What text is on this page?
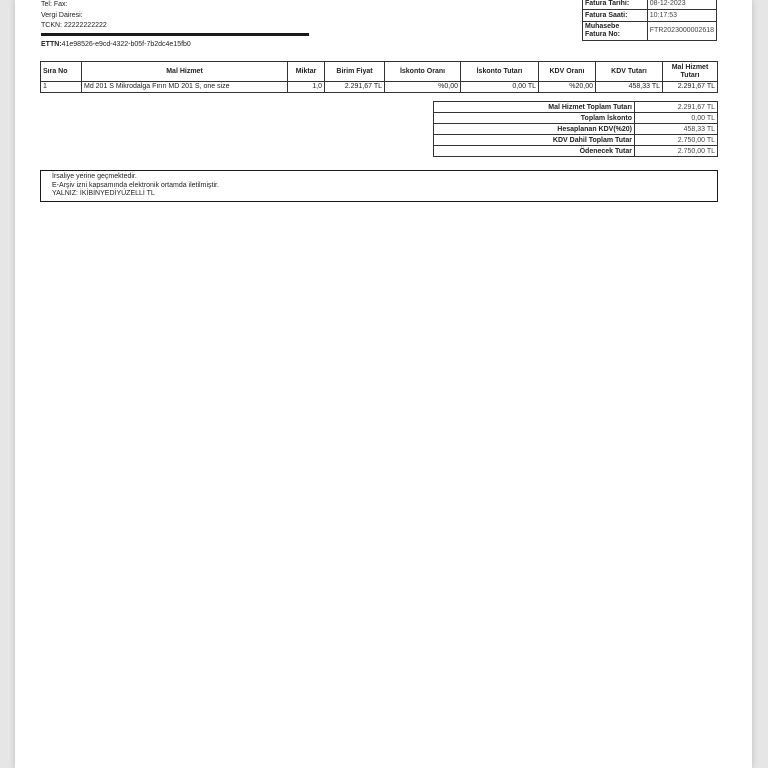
Tel: Fax:
Vergi Dairesi:
TCKN: 22222222222
ETTN:41e98526-e9cd-4322-b05f-7b2dc4e15fb0
Fatura Tarihi:	08-12-2023
Fatura Saati:	10:17:53
Muhasebe
Fatura No:	FTR2023000002618
Sıra No	Mal Hizmet	Miktar	Birim Fiyat	İskonto Oranı	İskonto Tutarı	KDV Oranı	KDV Tutarı	Mal Hizmet
Tutarı
1	Md 201 S Mikrodalga Fırın MD 201 S, one size	1,0	2.291,67 TL	%0,00	0,00 TL	%20,00	458,33 TL	2.291,67 TL
Mal Hizmet Toplam Tutarı	2.291,67 TL
Toplam İskonto	0,00 TL
Hesaplanan KDV(%20)	458,33 TL
KDV Dahil Toplam Tutar	2.750,00 TL
Ödenecek Tutar	2.750,00 TL
İrsaliye yerine geçmektedir.
E-Arşiv izni kapsamında elektronik ortamda iletilmiştir.
YALNIZ: İKİBİNYEDİYÜZELLİ TL
